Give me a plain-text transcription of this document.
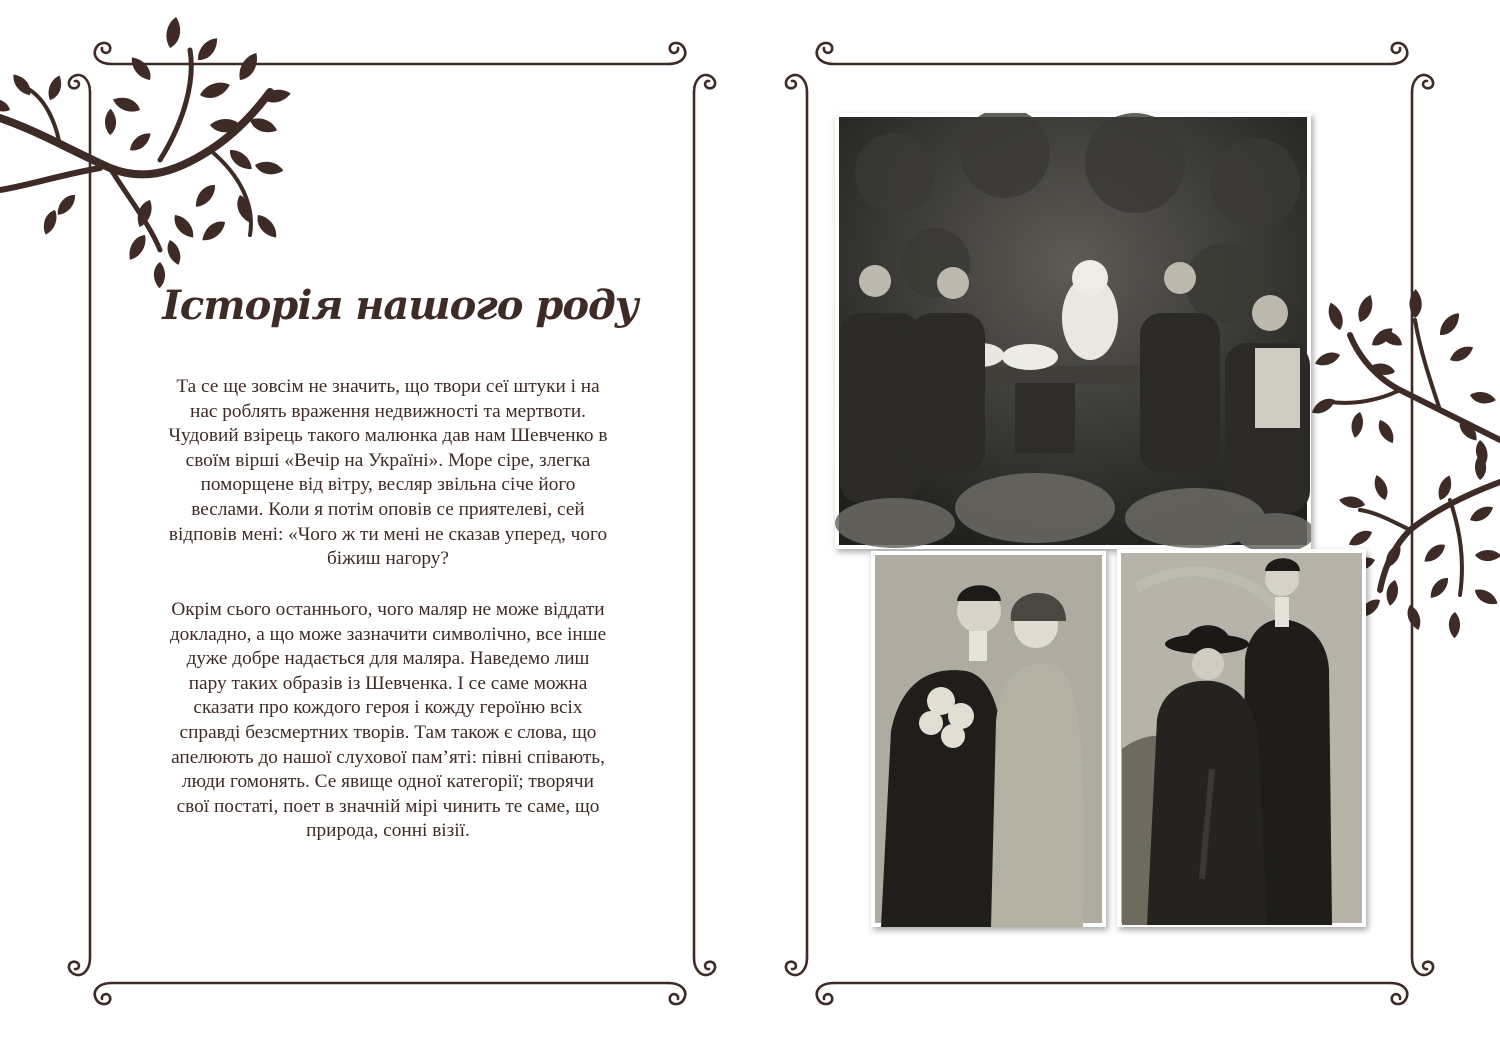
Історія нашого роду
Та се ще зовсім не значить, що твори сеї штуки і на
нас роблять враження недвижності та мертвоти.
Чудовий взірець такого малюнка дав нам Шевченко в
своїм вірші «Вечір на Україні». Море сіре, злегка
поморщене від вітру, весляр звільна січе його
веслами. Коли я потім оповів се приятелеві, сей
відповів мені: «Чого ж ти мені не сказав уперед, чого
біжиш нагору?
Окрім сього останнього, чого маляр не може віддати
докладно, а що може зазначити символічно, все інше
дуже добре надається для маляра. Наведемо лиш
пару таких образів із Шевченка. І се саме можна
сказати про кождого героя і кожду героїню всіх
справді безсмертних творів. Там також є слова, що
апелюють до нашої слухової пам’яті: півні співають,
люди гомонять. Се явище одної категорії; творячи
свої постаті, поет в значній мірі чинить те саме, що
природа, сонні візії.
